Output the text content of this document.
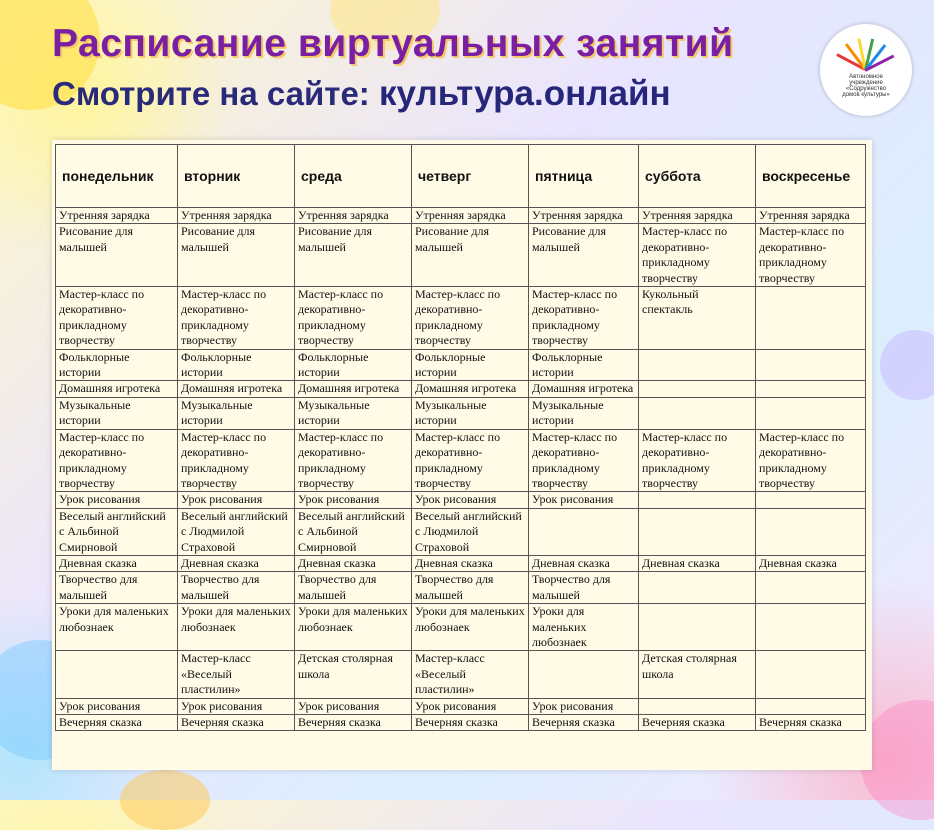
Расписание виртуальных занятий
Смотрите на сайте: культура.онлайн	Автономное учреждение «Содружество домов культуры»
понедельник	вторник	среда	четверг	пятница	суббота	воскресенье
Утренняя зарядка	Утренняя зарядка	Утренняя зарядка	Утренняя зарядка	Утренняя зарядка	Утренняя зарядка	Утренняя зарядка
Рисование для малышей	Рисование для малышей	Рисование для малышей	Рисование для малышей	Рисование для малышей	Мастер-класс по декоративно-прикладному творчеству	Мастер-класс по декоративно-прикладному творчеству
Мастер-класс по декоративно-прикладному творчеству	Мастер-класс по декоративно-прикладному творчеству	Мастер-класс по декоративно-прикладному творчеству	Мастер-класс по декоративно-прикладному творчеству	Мастер-класс по декоративно-прикладному творчеству	Кукольный спектакль	
Фольклорные истории	Фольклорные истории	Фольклорные истории	Фольклорные истории	Фольклорные истории		
Домашняя игротека	Домашняя игротека	Домашняя игротека	Домашняя игротека	Домашняя игротека		
Музыкальные истории	Музыкальные истории	Музыкальные истории	Музыкальные истории	Музыкальные истории		
Мастер-класс по декоративно-прикладному творчеству	Мастер-класс по декоративно-прикладному творчеству	Мастер-класс по декоративно-прикладному творчеству	Мастер-класс по декоративно-прикладному творчеству	Мастер-класс по декоративно-прикладному творчеству	Мастер-класс по декоративно-прикладному творчеству	Мастер-класс по декоративно-прикладному творчеству
Урок рисования	Урок рисования	Урок рисования	Урок рисования	Урок рисования		
Веселый английский с Альбиной Смирновой	Веселый английский с Людмилой Страховой	Веселый английский с Альбиной Смирновой	Веселый английский с Людмилой Страховой			
Дневная сказка	Дневная сказка	Дневная сказка	Дневная сказка	Дневная сказка	Дневная сказка	Дневная сказка
Творчество для малышей	Творчество для малышей	Творчество для малышей	Творчество для малышей	Творчество для малышей		
Уроки для маленьких любознаек	Уроки для маленьких любознаек	Уроки для маленьких любознаек	Уроки для маленьких любознаек	Уроки для маленьких любознаек		
	Мастер-класс «Веселый пластилин»	Детская столярная школа	Мастер-класс «Веселый пластилин»		Детская столярная школа	
Урок рисования	Урок рисования	Урок рисования	Урок рисования	Урок рисования		
Вечерняя сказка	Вечерняя сказка	Вечерняя сказка	Вечерняя сказка	Вечерняя сказка	Вечерняя сказка	Вечерняя сказка
